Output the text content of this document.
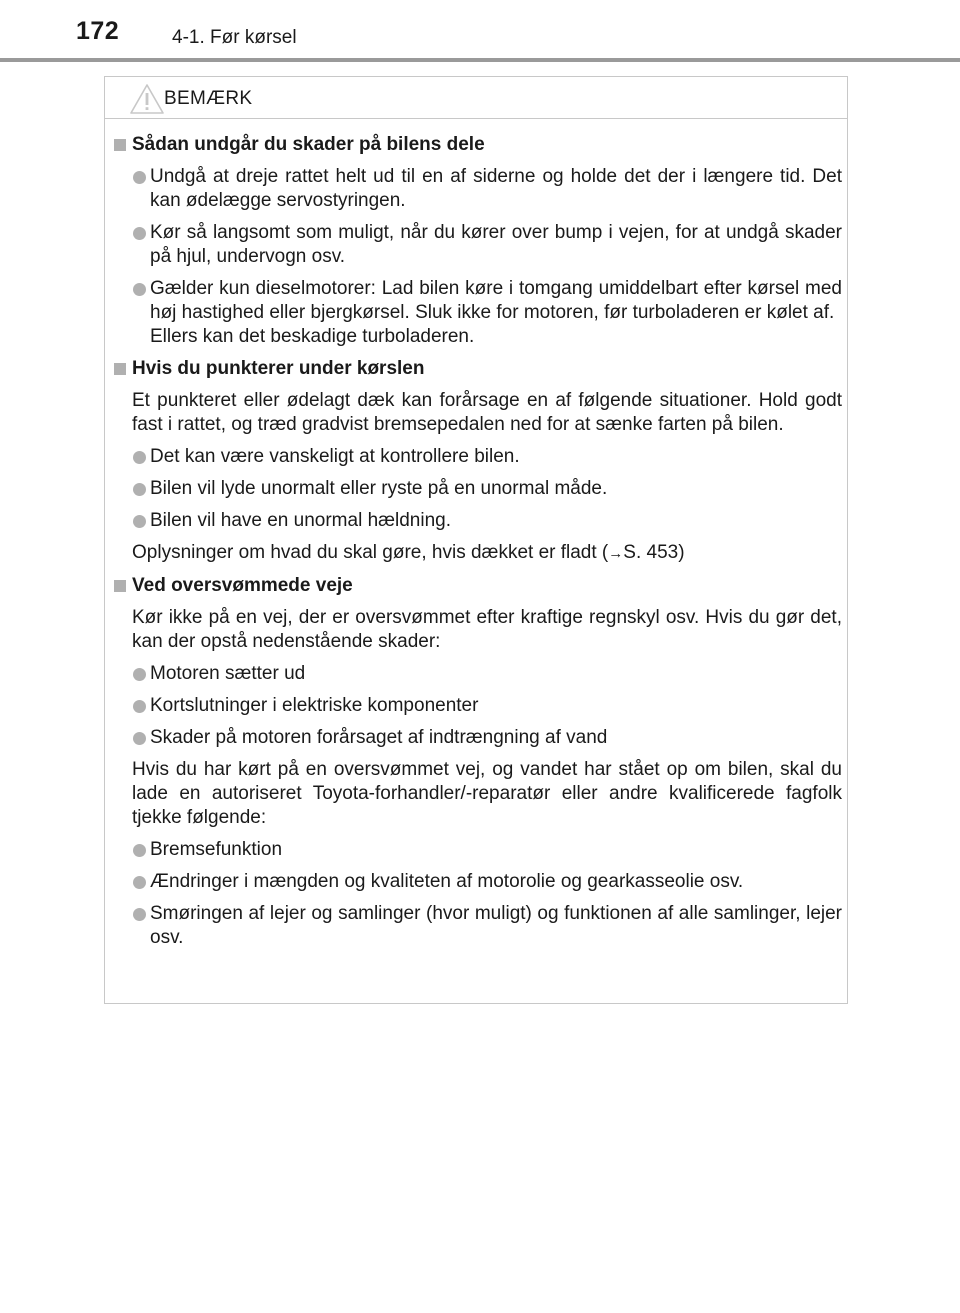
172	4-1. Før kørsel
BEMÆRK
Sådan undgår du skader på bilens dele
Undgå at dreje rattet helt ud til en af siderne og holde det der i længere tid. Det kan ødelægge servostyringen.
Kør så langsomt som muligt, når du kører over bump i vejen, for at undgå skader på hjul, undervogn osv.
Gælder kun dieselmotorer: Lad bilen køre i tomgang umiddelbart efter kørsel med høj hastighed eller bjergkørsel. Sluk ikke for motoren, før turboladeren er kølet af.
Ellers kan det beskadige turboladeren.
Hvis du punkterer under kørslen
Et punkteret eller ødelagt dæk kan forårsage en af følgende situationer. Hold godt fast i rattet, og træd gradvist bremsepedalen ned for at sænke farten på bilen.
Det kan være vanskeligt at kontrollere bilen.
Bilen vil lyde unormalt eller ryste på en unormal måde.
Bilen vil have en unormal hældning.
Oplysninger om hvad du skal gøre, hvis dækket er fladt (→S. 453)
Ved oversvømmede veje
Kør ikke på en vej, der er oversvømmet efter kraftige regnskyl osv. Hvis du gør det, kan der opstå nedenstående skader:
Motoren sætter ud
Kortslutninger i elektriske komponenter
Skader på motoren forårsaget af indtrængning af vand
Hvis du har kørt på en oversvømmet vej, og vandet har stået op om bilen, skal du lade en autoriseret Toyota-forhandler/-reparatør eller andre kvalificerede fagfolk tjekke følgende:
Bremsefunktion
Ændringer i mængden og kvaliteten af motorolie og gearkasseolie osv.
Smøringen af lejer og samlinger (hvor muligt) og funktionen af alle samlinger, lejer osv.
